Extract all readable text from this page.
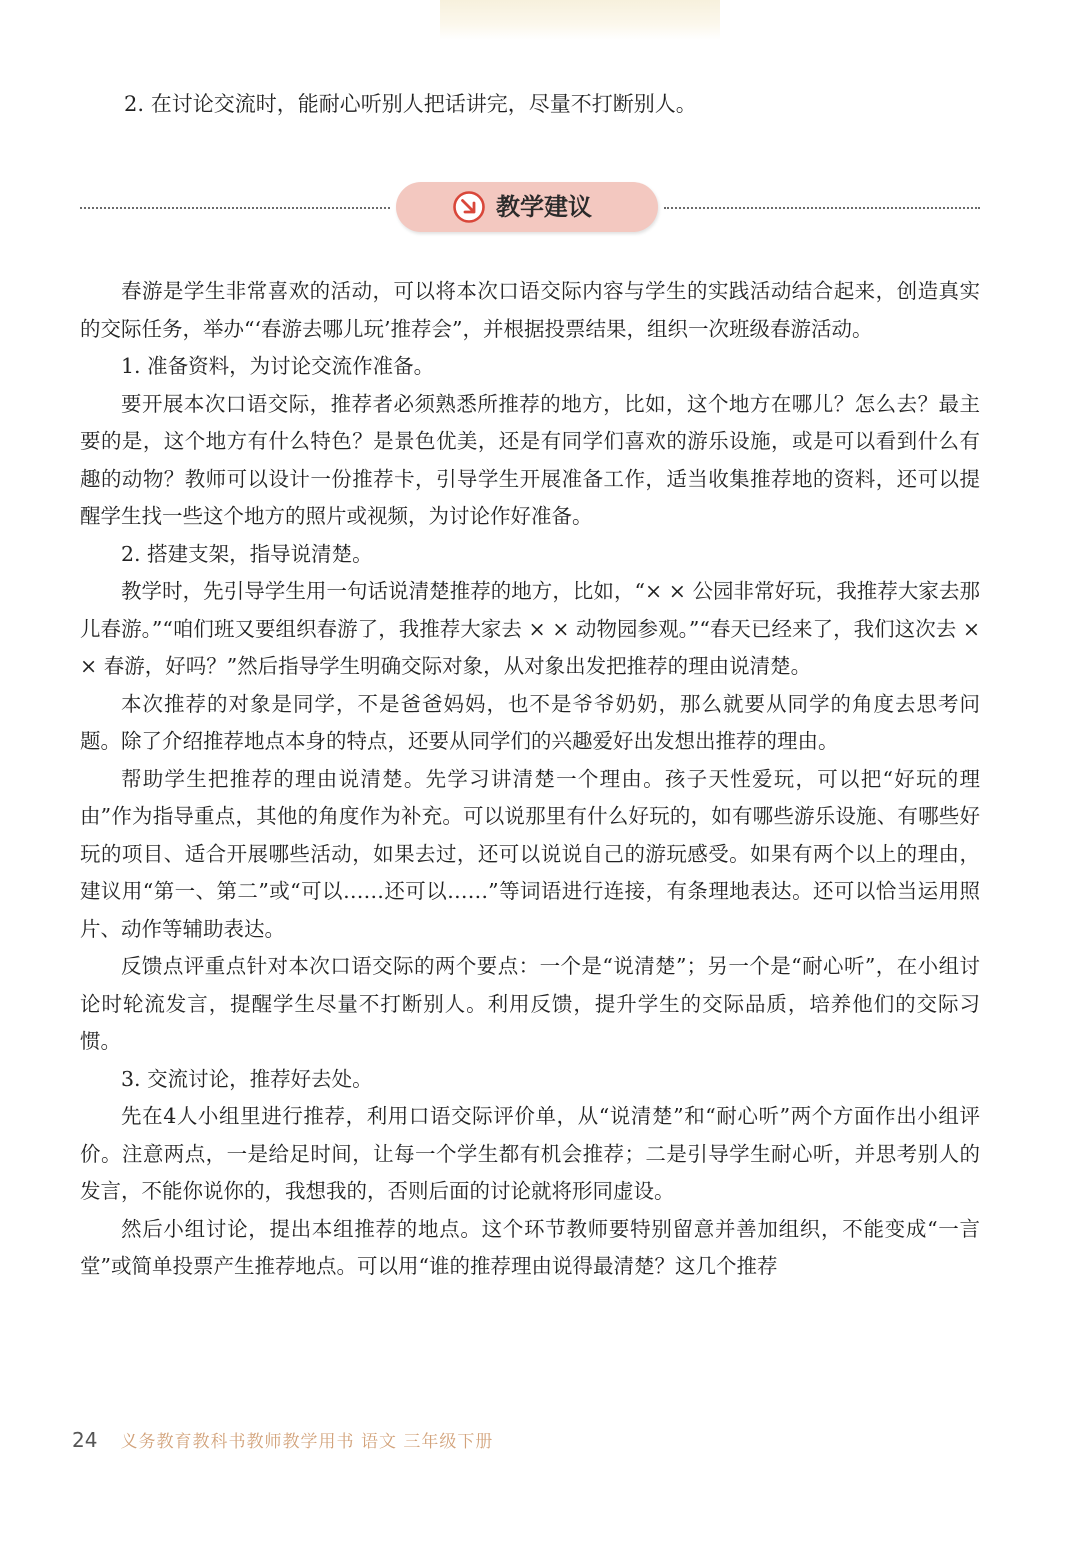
2. 在讨论交流时，能耐心听别人把话讲完，尽量不打断别人。
教学建议

春游是学生非常喜欢的活动，可以将本次口语交际内容与学生的实践活动结合起来，创造真实的交际任务，举办“‘春游去哪儿玩’推荐会”，并根据投票结果，组织一次班级春游活动。

1. 准备资料，为讨论交流作准备。

要开展本次口语交际，推荐者必须熟悉所推荐的地方，比如，这个地方在哪儿？怎么去？最主要的是，这个地方有什么特色？是景色优美，还是有同学们喜欢的游乐设施，或是可以看到什么有趣的动物？教师可以设计一份推荐卡，引导学生开展准备工作，适当收集推荐地的资料，还可以提醒学生找一些这个地方的照片或视频，为讨论作好准备。

2. 搭建支架，指导说清楚。

教学时，先引导学生用一句话说清楚推荐的地方，比如，“× × 公园非常好玩，我推荐大家去那儿春游。”“咱们班又要组织春游了，我推荐大家去 × × 动物园参观。”“春天已经来了，我们这次去 × × 春游，好吗？”然后指导学生明确交际对象，从对象出发把推荐的理由说清楚。

本次推荐的对象是同学，不是爸爸妈妈，也不是爷爷奶奶，那么就要从同学的角度去思考问题。除了介绍推荐地点本身的特点，还要从同学们的兴趣爱好出发想出推荐的理由。

帮助学生把推荐的理由说清楚。先学习讲清楚一个理由。孩子天性爱玩，可以把“好玩的理由”作为指导重点，其他的角度作为补充。可以说那里有什么好玩的，如有哪些游乐设施、有哪些好玩的项目、适合开展哪些活动，如果去过，还可以说说自己的游玩感受。如果有两个以上的理由，建议用“第一、第二”或“可以……还可以……”等词语进行连接，有条理地表达。还可以恰当运用照片、动作等辅助表达。

反馈点评重点针对本次口语交际的两个要点：一个是“说清楚”；另一个是“耐心听”，在小组讨论时轮流发言，提醒学生尽量不打断别人。利用反馈，提升学生的交际品质，培养他们的交际习惯。

3. 交流讨论，推荐好去处。

先在4人小组里进行推荐，利用口语交际评价单，从“说清楚”和“耐心听”两个方面作出小组评价。注意两点，一是给足时间，让每一个学生都有机会推荐；二是引导学生耐心听，并思考别人的发言，不能你说你的，我想我的，否则后面的讨论就将形同虚设。

然后小组讨论，提出本组推荐的地点。这个环节教师要特别留意并善加组织，不能变成“一言堂”或简单投票产生推荐地点。可以用“谁的推荐理由说得最清楚？这几个推荐

24 义务教育教科书教师教学用书 语文 三年级下册
